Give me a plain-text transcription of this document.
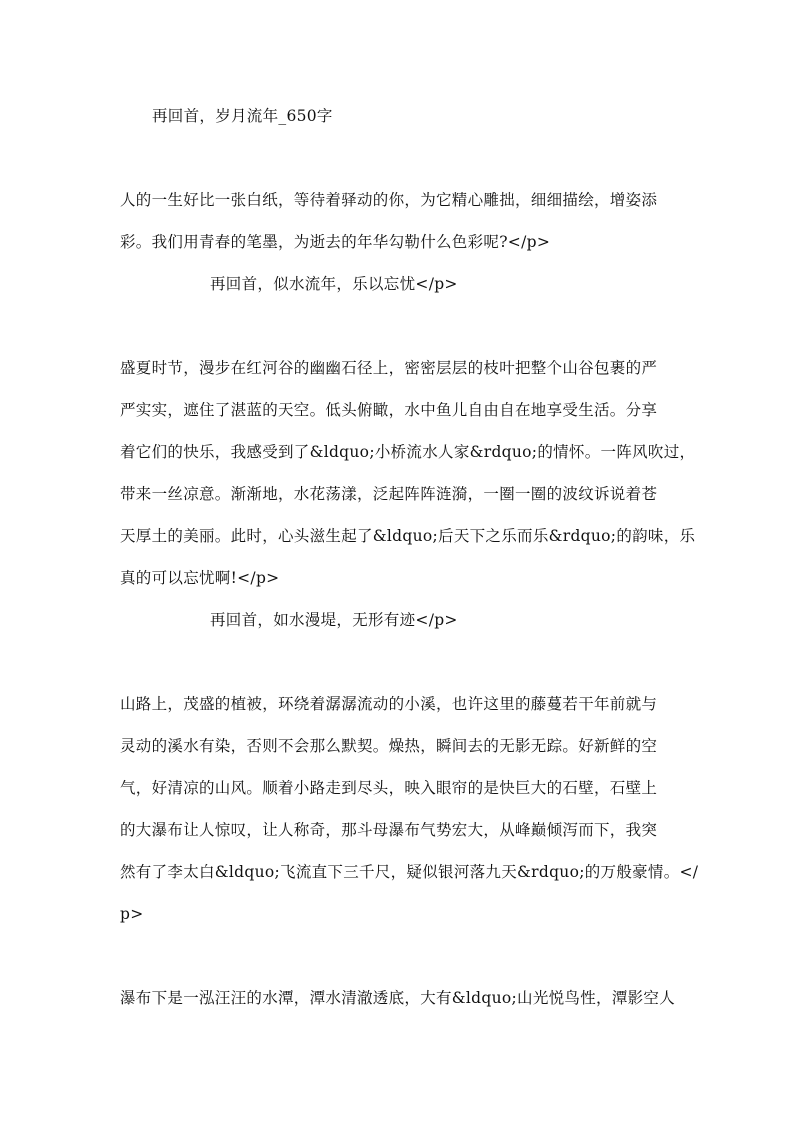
再回首，岁月流年_650字
人的一生好比一张白纸，等待着驿动的你，为它精心雕拙，细细描绘，增姿添
彩。我们用青春的笔墨，为逝去的年华勾勒什么色彩呢?</p>
再回首，似水流年，乐以忘忧</p>
盛夏时节，漫步在红河谷的幽幽石径上，密密层层的枝叶把整个山谷包裹的严
严实实，遮住了湛蓝的天空。低头俯瞰，水中鱼儿自由自在地享受生活。分享
着它们的快乐，我感受到了&ldquo;小桥流水人家&rdquo;的情怀。一阵风吹过，
带来一丝凉意。渐渐地，水花荡漾，泛起阵阵涟漪，一圈一圈的波纹诉说着苍
天厚土的美丽。此时，心头滋生起了&ldquo;后天下之乐而乐&rdquo;的韵味，乐
真的可以忘忧啊!</p>
再回首，如水漫堤，无形有迹</p>
山路上，茂盛的植被，环绕着潺潺流动的小溪，也许这里的藤蔓若干年前就与
灵动的溪水有染，否则不会那么默契。燥热，瞬间去的无影无踪。好新鲜的空
气，好清凉的山风。顺着小路走到尽头，映入眼帘的是快巨大的石壁，石壁上
的大瀑布让人惊叹，让人称奇，那斗母瀑布气势宏大，从峰巅倾泻而下，我突
然有了李太白&ldquo;飞流直下三千尺，疑似银河落九天&rdquo;的万般豪情。</
p>
瀑布下是一泓汪汪的水潭，潭水清澈透底，大有&ldquo;山光悦鸟性，潭影空人
